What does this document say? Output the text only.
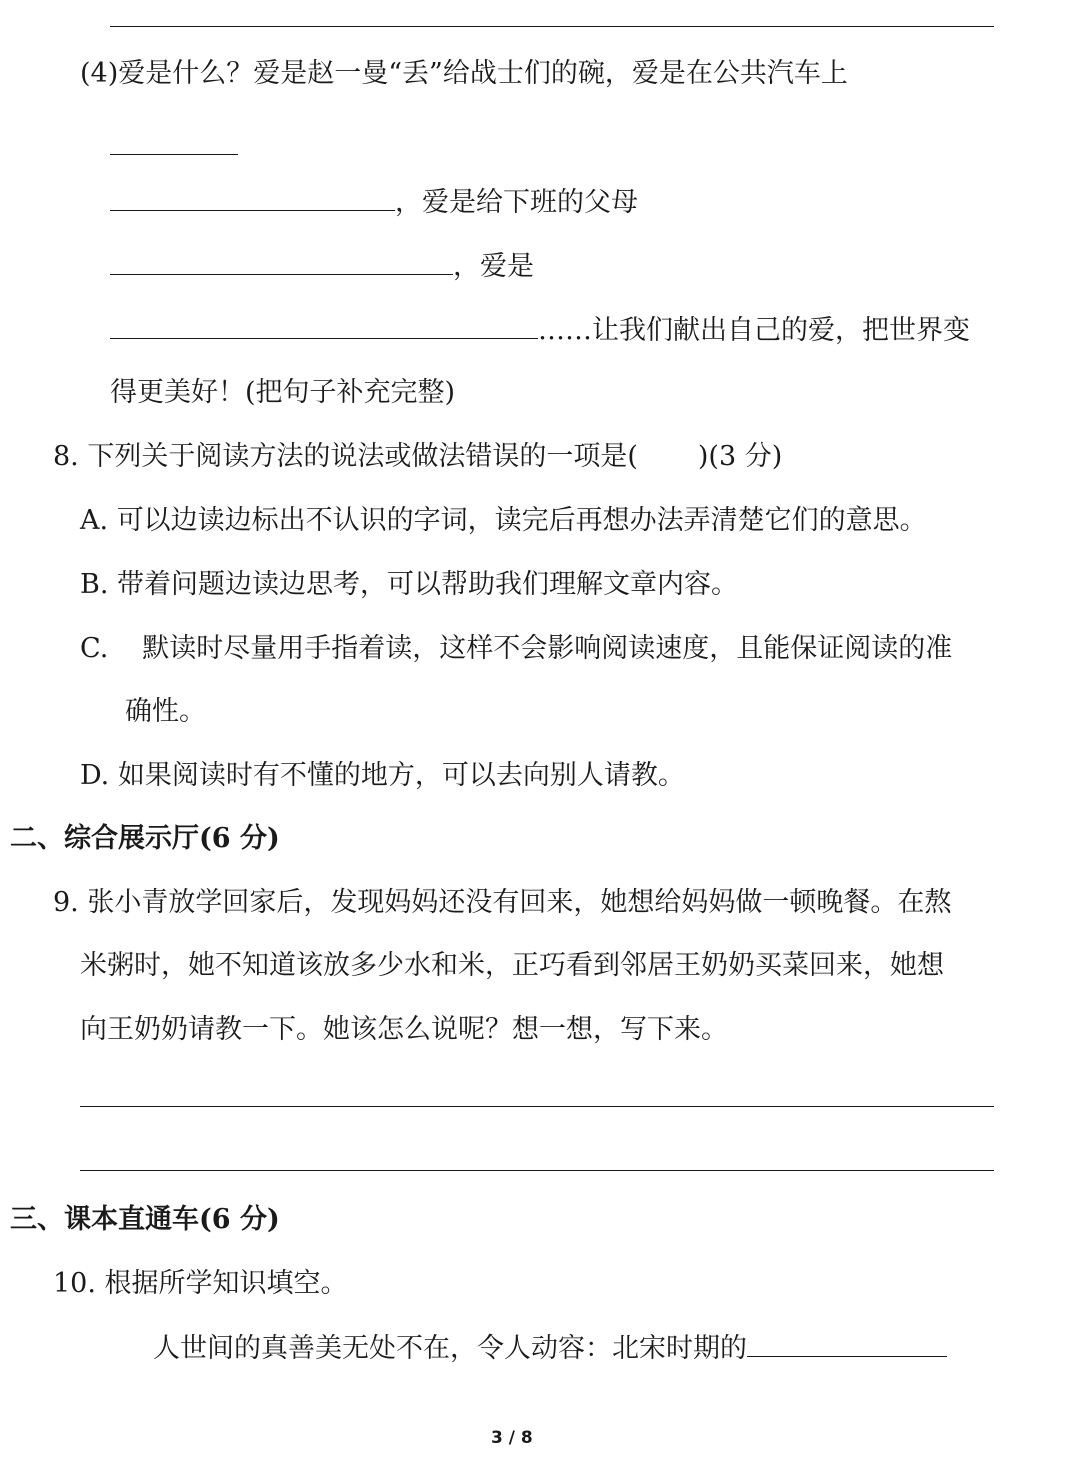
(4)爱是什么？爱是赵一曼“丢”给战士们的碗，爱是在公共汽车上
，爱是给下班的父母
，爱是
……让我们献出自己的爱，把世界变
得更美好！(把句子补充完整)
8. 下列关于阅读方法的说法或做法错误的一项是( )(3 分)
A. 可以边读边标出不认识的字词，读完后再想办法弄清楚它们的意思。
B. 带着问题边读边思考，可以帮助我们理解文章内容。
C. 默读时尽量用手指着读，这样不会影响阅读速度，且能保证阅读的准
确性。
D. 如果阅读时有不懂的地方，可以去向别人请教。
二、综合展示厅(6 分)
9. 张小青放学回家后，发现妈妈还没有回来，她想给妈妈做一顿晚餐。在熬
米粥时，她不知道该放多少水和米，正巧看到邻居王奶奶买菜回来，她想
向王奶奶请教一下。她该怎么说呢？想一想，写下来。
三、课本直通车(6 分)
10. 根据所学知识填空。
人世间的真善美无处不在，令人动容：北宋时期的
3 / 8
